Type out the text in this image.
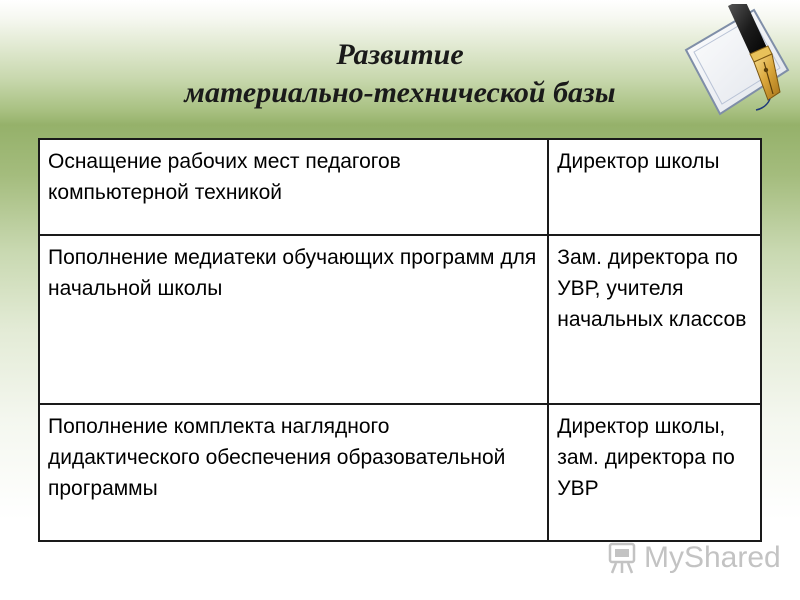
Развитие
материально-технической базы
Оснащение рабочих мест педагогов компьютерной техникой	Директор школы
Пополнение медиатеки обучающих программ для начальной школы	Зам. директора по УВР, учителя начальных классов
Пополнение комплекта наглядного дидактического обеспечения образовательной программы	Директор школы, зам. директора по УВР
MyShared
